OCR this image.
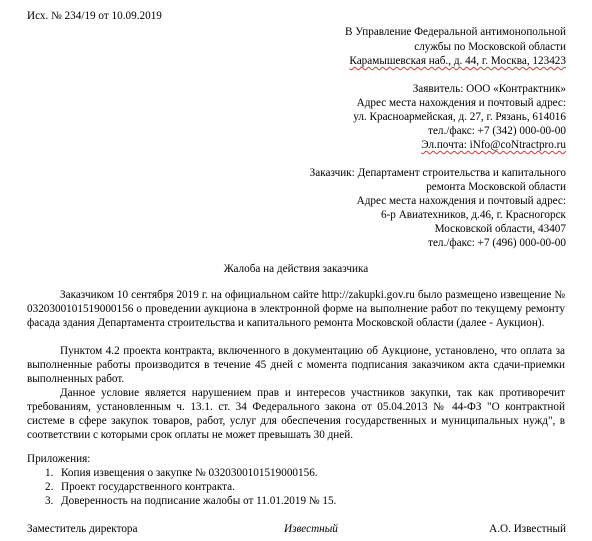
Исх. № 234/19 от 10.09.2019
В Управление Федеральной антимонопольной
службы по Московской области
Карамышевская наб., д. 44, г. Москва, 123423
Заявитель: ООО «Контрактник»
Адрес места нахождения и почтовый адрес:
ул. Красноармейская, д. 27, г. Рязань, 614016
тел./факс: +7 (342) 000-00-00
Эл.почта: iNfo@coNtractpro.ru
Заказчик: Департамент строительства и капитального
ремонта Московской области
Адрес места нахождения и почтовый адрес:
6-р Авиатехников, д.46, г. Красногорск
Московской области, 43407
тел./факс: +7 (496) 000-00-00
Жалоба на действия заказчика

Заказчиком 10 сентября 2019 г. на официальном сайте http://zakupki.gov.ru было размещено извещение № 0320300101519000156 о проведении аукциона в электронной форме на выполнение работ по текущему ремонту фасада здания Департамента строительства и капитального ремонта Московской области (далее - Аукцион).

Пунктом 4.2 проекта контракта, включенного в документацию об Аукционе, установлено, что оплата за выполненные работы производится в течение 45 дней с момента подписания заказчиком акта сдачи-приемки выполненных работ.

Данное условие является нарушением прав и интересов участников закупки, так как противоречит требованиям, установленным ч. 13.1. ст. 34 Федерального закона от 05.04.2013 № 44-ФЗ "О контрактной системе в сфере закупок товаров, работ, услуг для обеспечения государственных и муниципальных нужд", в соответствии с которыми срок оплаты не может превышать 30 дней.

Приложения:
1. Копия извещения о закупке № 0320300101519000156.
2. Проект государственного контракта.
3. Доверенность на подписание жалобы от 11.01.2019 № 15.
Заместитель директора	Известный	А.О. Известный
